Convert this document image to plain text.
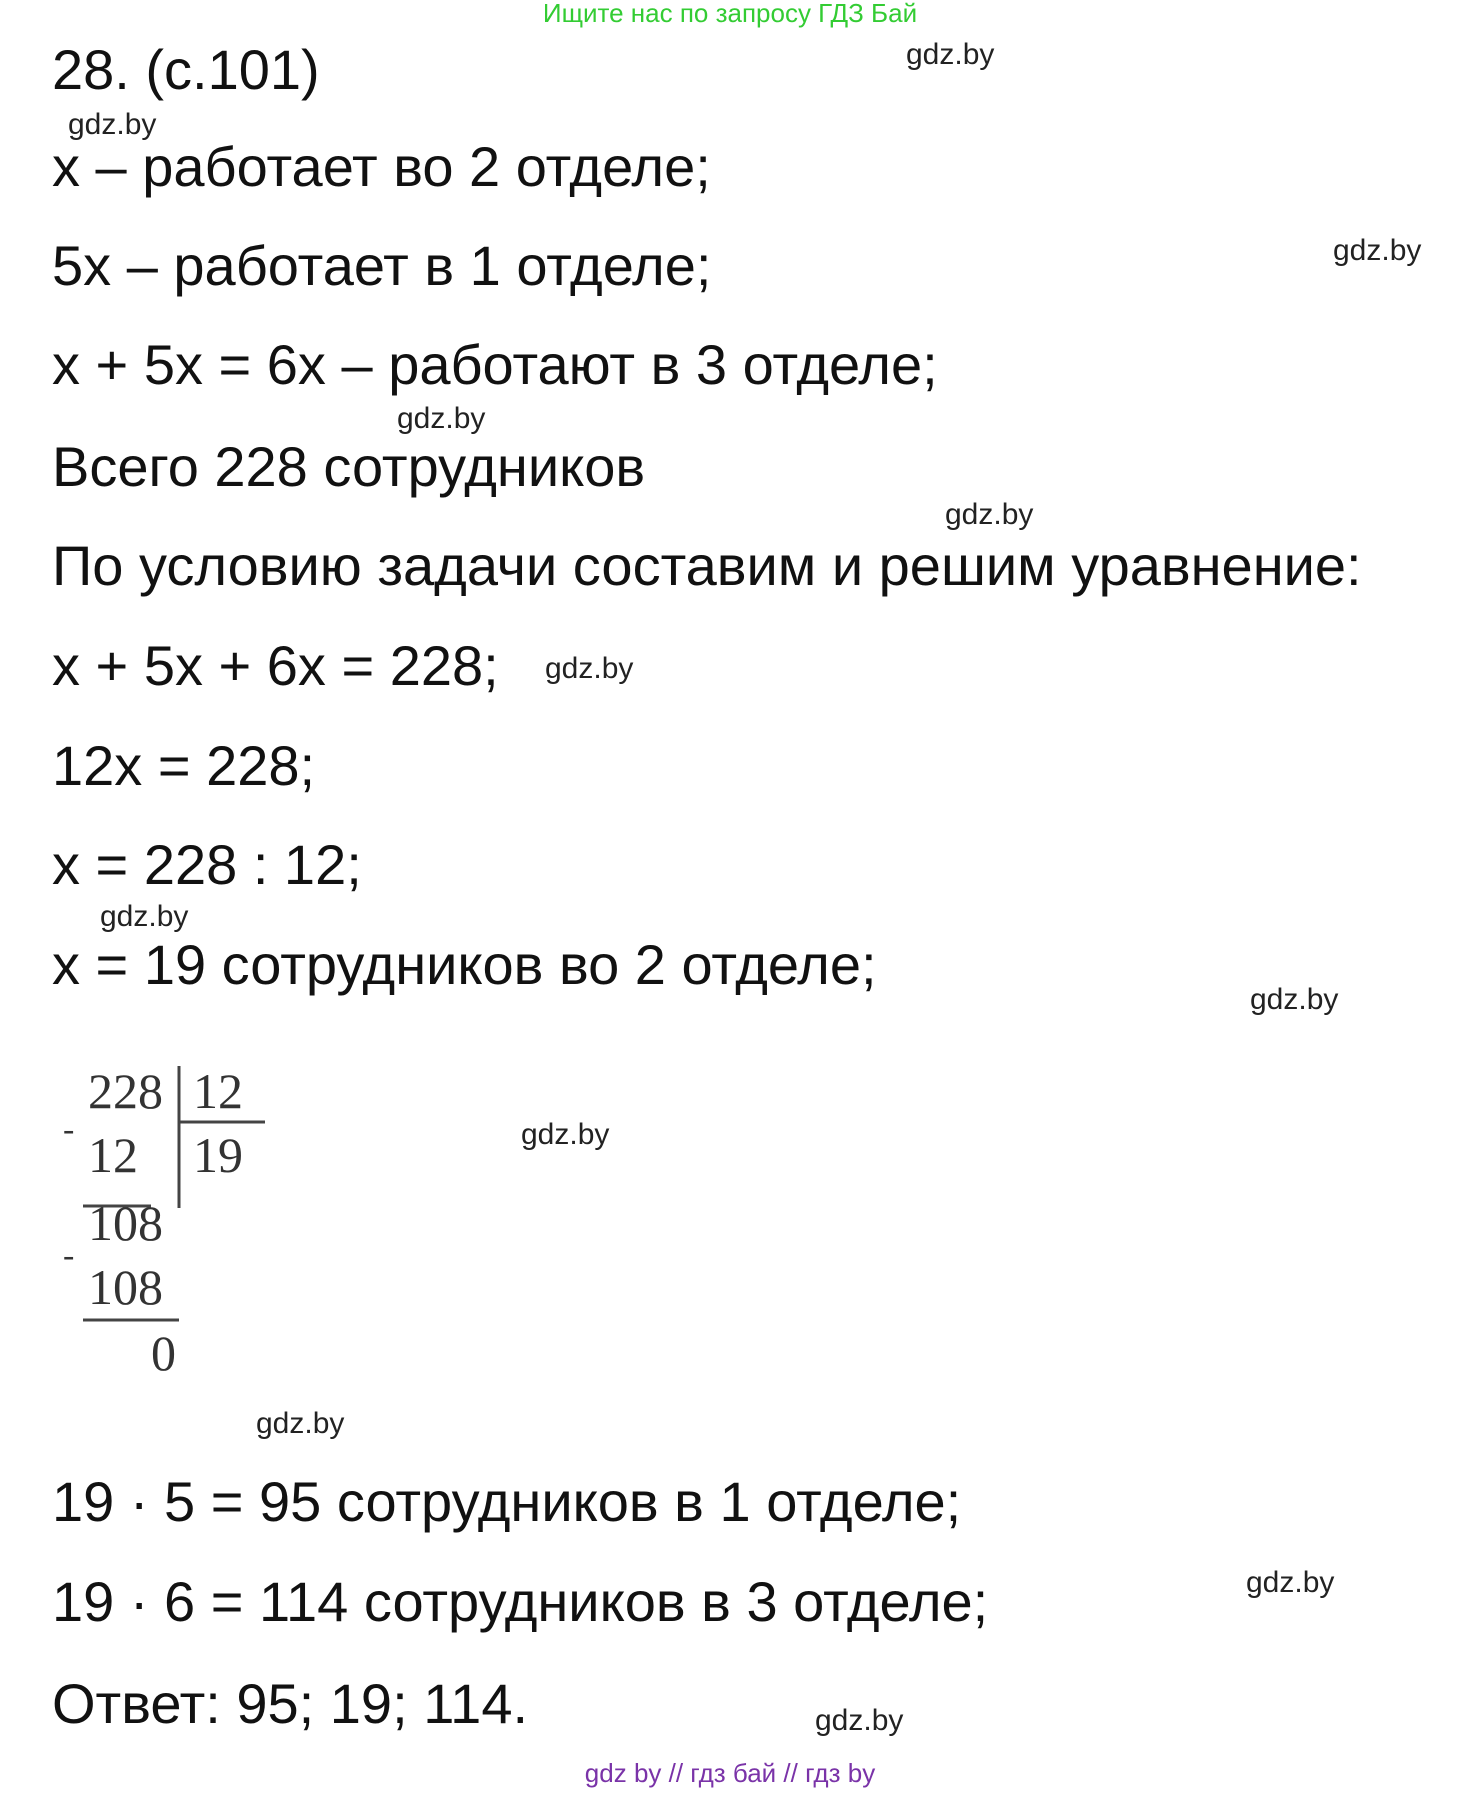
Ищите нас по запросу ГДЗ Бай
28. (с.101)
x – работает во 2 отделе;
5x – работает в 1 отделе;
x + 5x = 6x – работают в 3 отделе;
Всего 228 сотрудников
По условию задачи составим и решим уравнение:
x + 5x + 6x = 228;
12x = 228;
x = 228 : 12;
x = 19 сотрудников во 2 отделе;
-
228 12
19
12
108
-
108
0
19 · 5 = 95 сотрудников в 1 отделе;
19 · 6 = 114 сотрудников в 3 отделе;
Ответ: 95; 19; 114.
gdz.by
gdz.by
gdz.by
gdz.by
gdz.by
gdz.by
gdz.by
gdz.by
gdz.by
gdz.by
gdz.by
gdz.by
gdz by // гдз бай // гдз by
